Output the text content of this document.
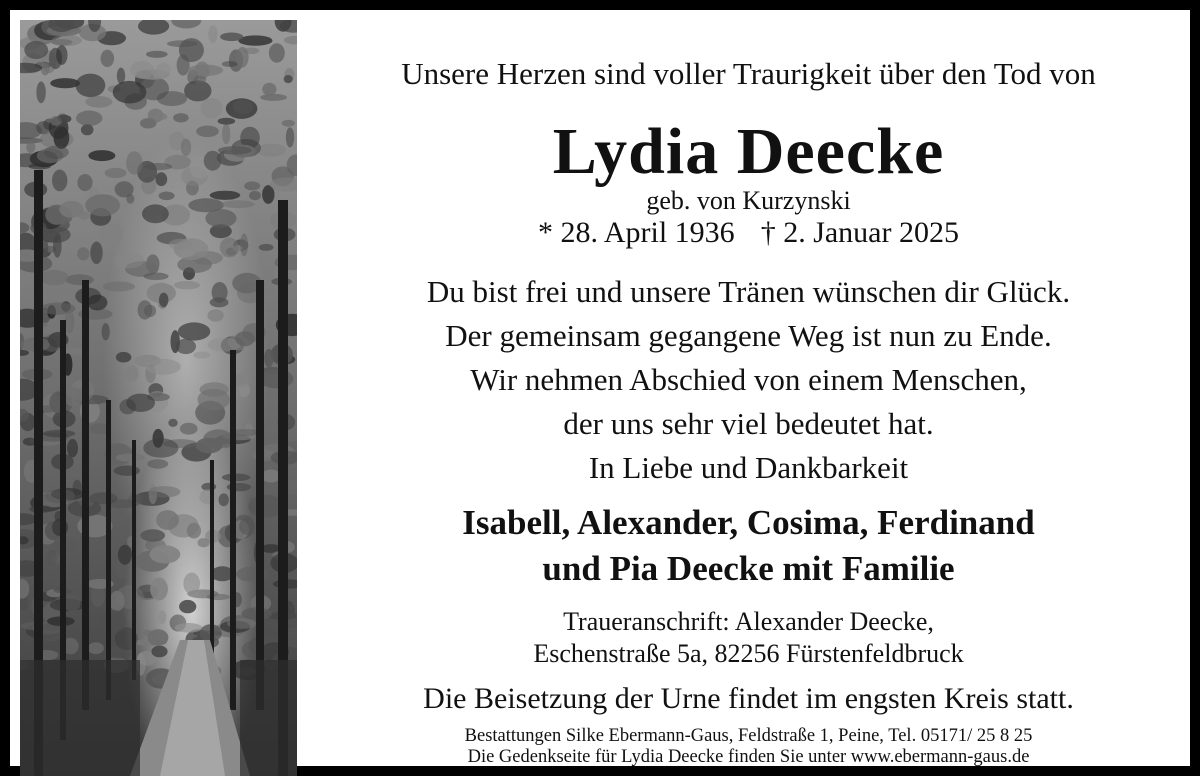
Unsere Herzen sind voller Traurigkeit über den Tod von
Lydia Deecke
geb. von Kurzynski
* 28. April 1936 † 2. Januar 2025
Du bist frei und unsere Tränen wünschen dir Glück.
Der gemeinsam gegangene Weg ist nun zu Ende.
Wir nehmen Abschied von einem Menschen,
der uns sehr viel bedeutet hat.
In Liebe und Dankbarkeit
Isabell, Alexander, Cosima, Ferdinand
und Pia Deecke mit Familie
Traueranschrift: Alexander Deecke,
Eschenstraße 5a, 82256 Fürstenfeldbruck
Die Beisetzung der Urne findet im engsten Kreis statt.
Bestattungen Silke Ebermann-Gaus, Feldstraße 1, Peine, Tel. 05171/ 25 8 25
Die Gedenkseite für Lydia Deecke finden Sie unter www.ebermann-gaus.de
